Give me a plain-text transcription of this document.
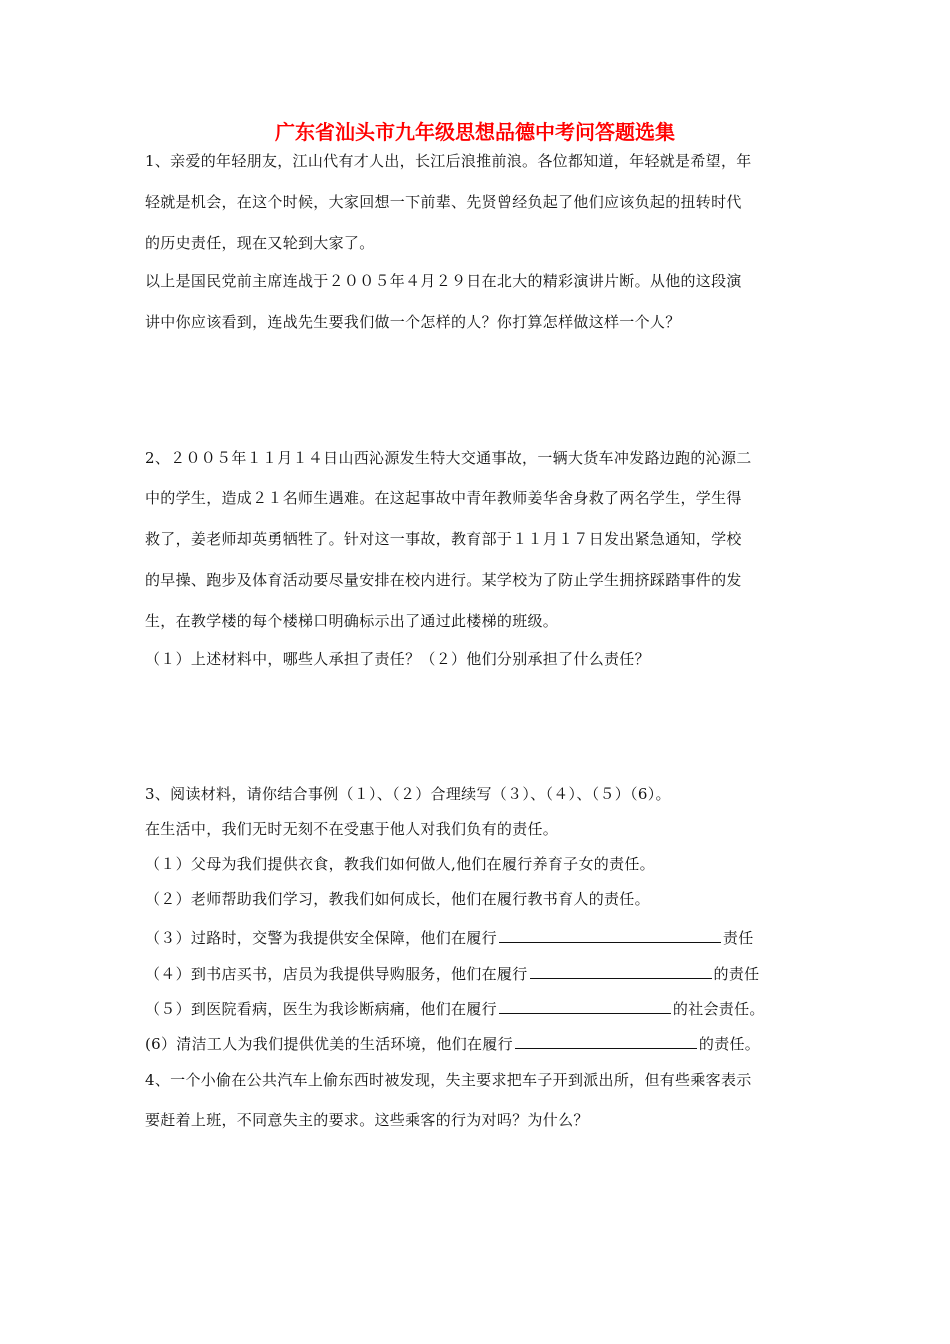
广东省汕头市九年级思想品德中考问答题选集
1、亲爱的年轻朋友，江山代有才人出，长江后浪推前浪。各位都知道，年轻就是希望，年
轻就是机会，在这个时候，大家回想一下前辈、先贤曾经负起了他们应该负起的扭转时代
的历史责任，现在又轮到大家了。
以上是国民党前主席连战于２００５年４月２９日在北大的精彩演讲片断。从他的这段演
讲中你应该看到，连战先生要我们做一个怎样的人？你打算怎样做这样一个人？
2、２００５年１１月１４日山西沁源发生特大交通事故，一辆大货车冲发路边跑的沁源二
中的学生，造成２１名师生遇难。在这起事故中青年教师姜华舍身救了两名学生，学生得
救了，姜老师却英勇牺牲了。针对这一事故，教育部于１１月１７日发出紧急通知，学校
的早操、跑步及体育活动要尽量安排在校内进行。某学校为了防止学生拥挤踩踏事件的发
生，在教学楼的每个楼梯口明确标示出了通过此楼梯的班级。
（１）上述材料中，哪些人承担了责任？（２）他们分别承担了什么责任？
3、阅读材料，请你结合事例（１）、（２）合理续写（３）、（４）、（５）（6）。
在生活中，我们无时无刻不在受惠于他人对我们负有的责任。
（１）父母为我们提供衣食，教我们如何做人,他们在履行养育子女的责任。
（２）老师帮助我们学习，教我们如何成长，他们在履行教书育人的责任。
（３）过路时，交警为我提供安全保障，他们在履行	责任
（４）到书店买书，店员为我提供导购服务，他们在履行	的责任
（５）到医院看病，医生为我诊断病痛，他们在履行	的社会责任。
(6）清洁工人为我们提供优美的生活环境，他们在履行	的责任。
4、一个小偷在公共汽车上偷东西时被发现，失主要求把车子开到派出所，但有些乘客表示
要赶着上班，不同意失主的要求。这些乘客的行为对吗？为什么？
